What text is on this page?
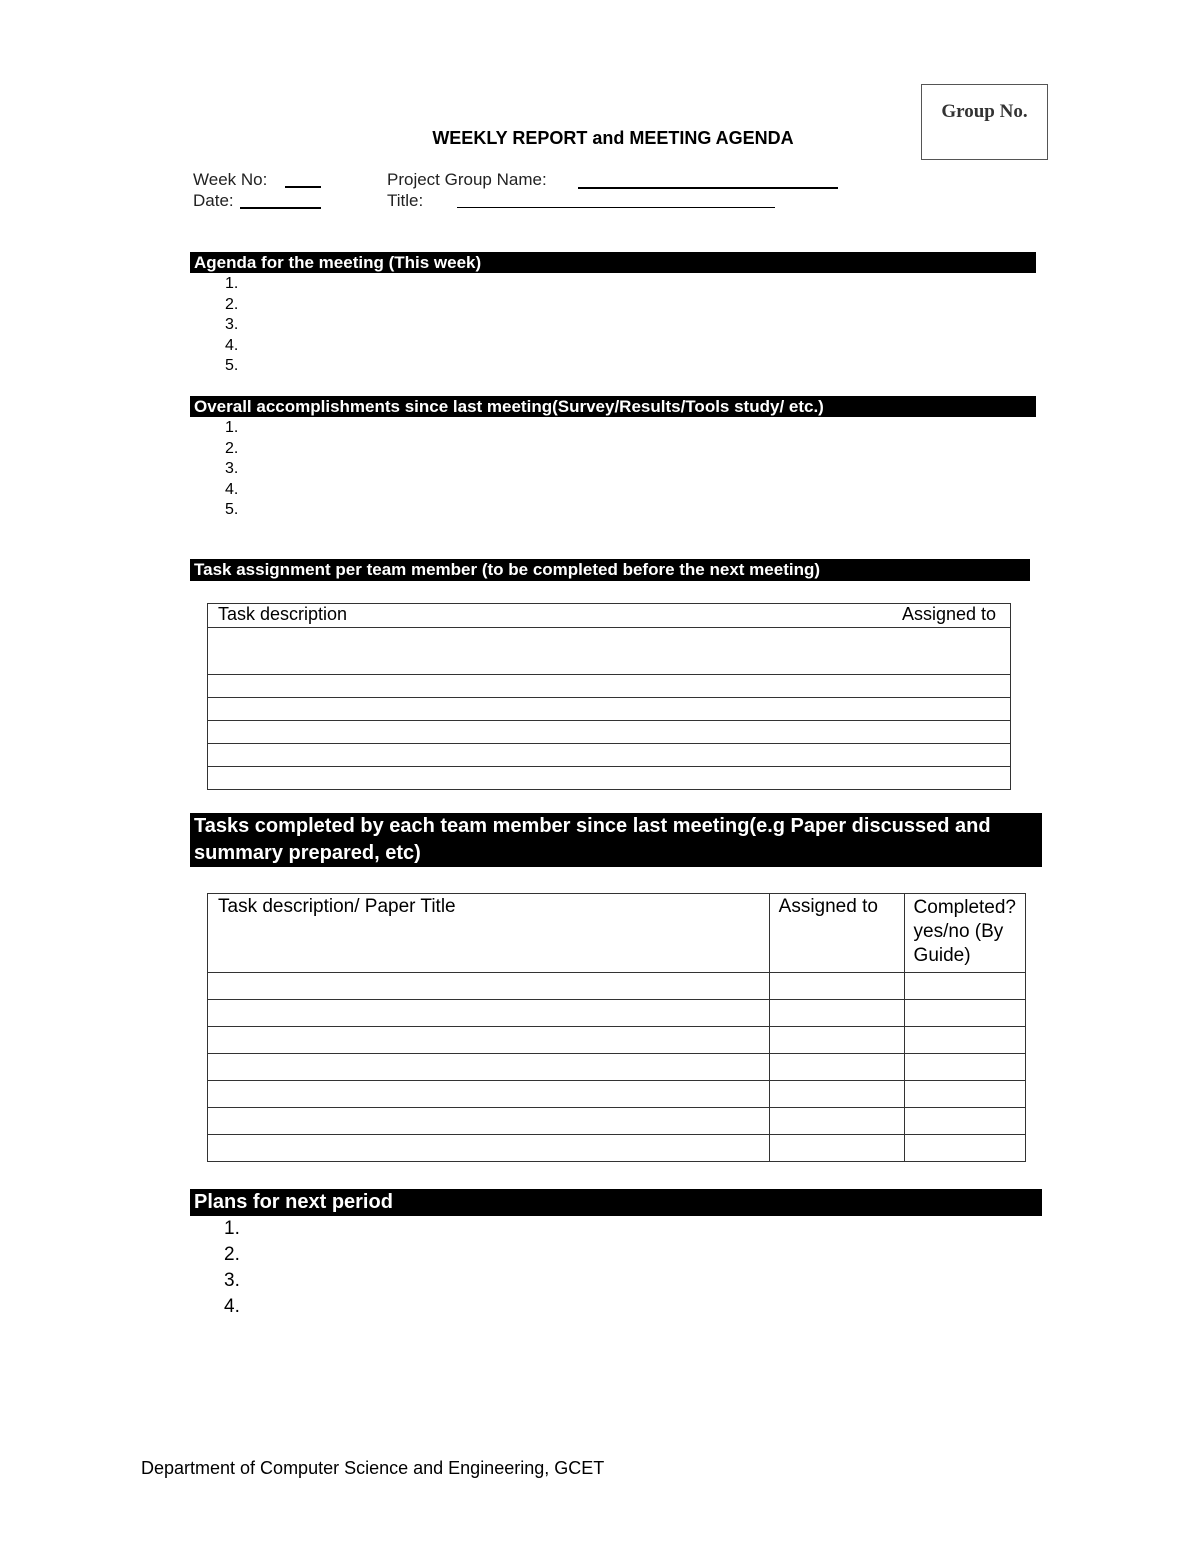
Group No.
WEEKLY REPORT and MEETING AGENDA
Week No:
Date:
Project Group Name:
Title:
Agenda for the meeting (This week)
1.
2.
3.
4.
5.
Overall accomplishments since last meeting(Survey/Results/Tools study/ etc.)
1.
2.
3.
4.
5.
Task assignment per team member (to be completed before the next meeting)
Task description	Assigned to

Tasks completed by each team member since last meeting(e.g Paper discussed and
summary prepared, etc)
Task description/ Paper Title	Assigned to	Completed? yes/no (By Guide)

Plans for next period
1.
2.
3.
4.
Department of Computer Science and Engineering, GCET
